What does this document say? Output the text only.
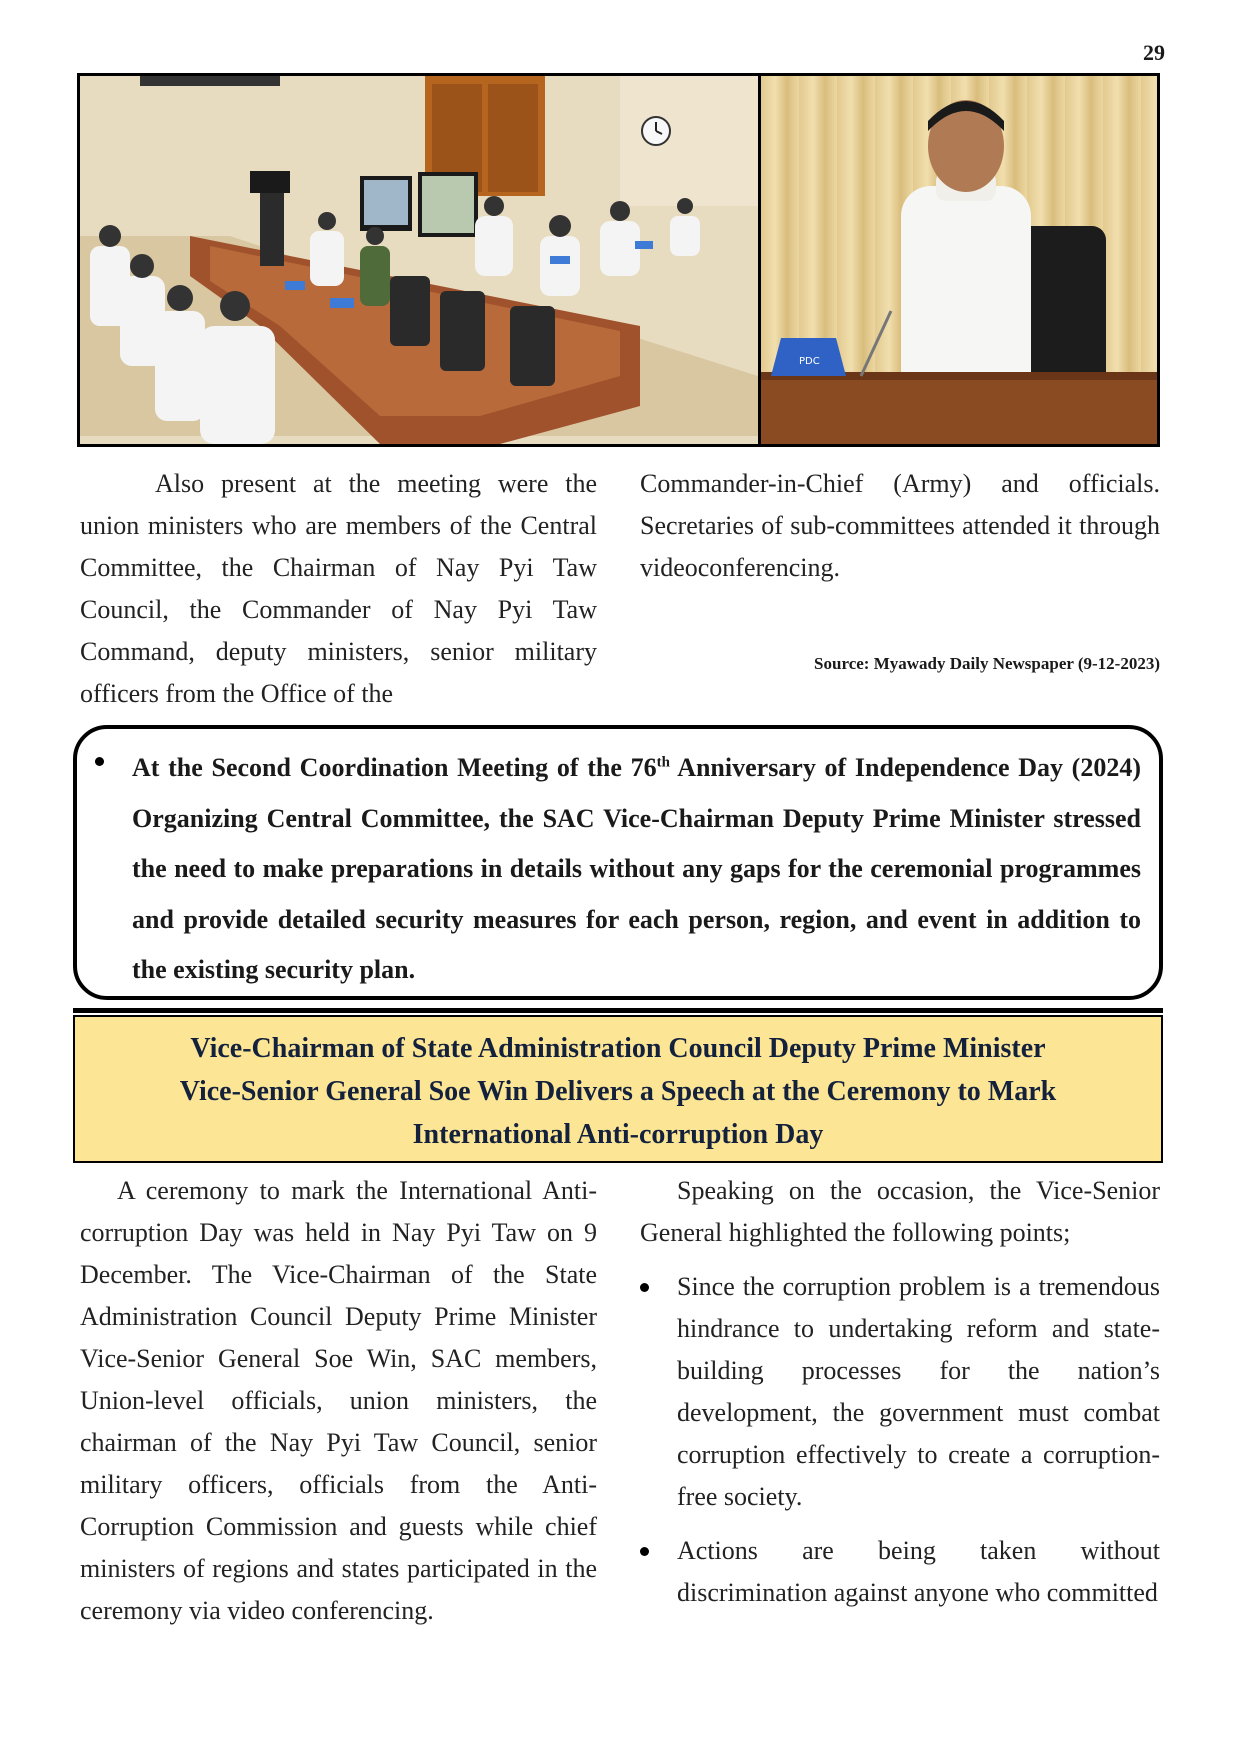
29
PDC

Also present at the meeting were the union ministers who are members of the Central Committee, the Chairman of Nay Pyi Taw Council, the Commander of Nay Pyi Taw Command, deputy ministers, senior military officers from the Office of the

Commander-in-Chief (Army) and officials. Secretaries of sub-committees attended it through videoconferencing.

Source: Myawady Daily Newspaper (9-12-2023)
At the Second Coordination Meeting of the 76th Anniversary of Independence Day (2024) Organizing Central Committee, the SAC Vice-Chairman Deputy Prime Minister stressed the need to make preparations in details without any gaps for the ceremonial programmes and provide detailed security measures for each person, region, and event in addition to the existing security plan.
Vice-Chairman of State Administration Council Deputy Prime Minister
Vice-Senior General Soe Win Delivers a Speech at the Ceremony to Mark
International Anti-corruption Day

A ceremony to mark the International Anti-corruption Day was held in Nay Pyi Taw on 9 December. The Vice-Chairman of the State Administration Council Deputy Prime Minister Vice-Senior General Soe Win, SAC members, Union-level officials, union ministers, the chairman of the Nay Pyi Taw Council, senior military officers, officials from the Anti-Corruption Commission and guests while chief ministers of regions and states participated in the ceremony via video conferencing.

Speaking on the occasion, the Vice-Senior General highlighted the following points;

Since the corruption problem is a tremendous hindrance to undertaking reform and state-building processes for the nation’s development, the government must combat corruption effectively to create a corruption-free society.
Actions are being taken without discrimination against anyone who committed
